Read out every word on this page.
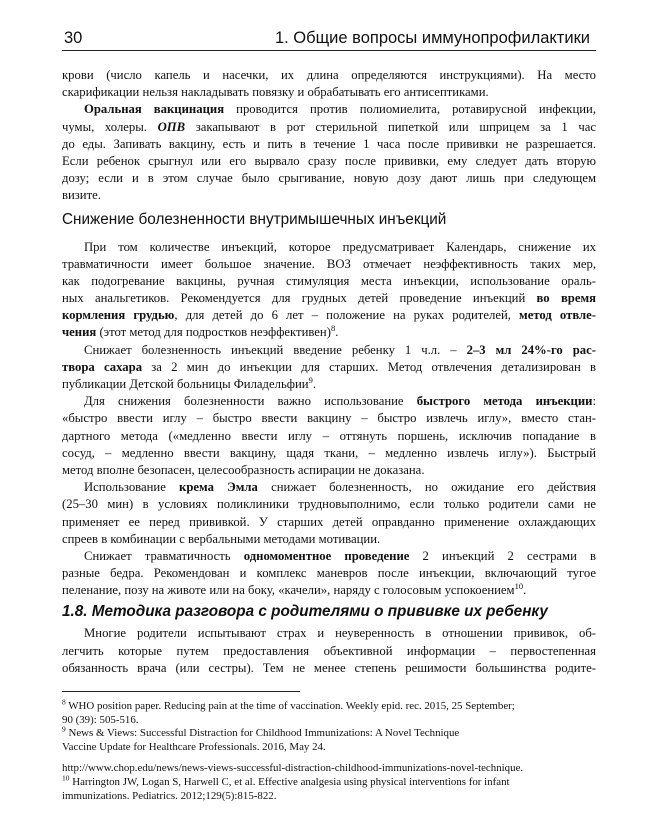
30	1. Общие вопросы иммунопрофилактики
крови (число капель и насечки, их длина определяются инструкциями). На место
скарификации нельзя накладывать повязку и обрабатывать его антисептиками.
Оральная вакцинация проводится против полиомиелита, ротавирусной инфекции,
чумы, холеры. ОПВ закапывают в рот стерильной пипеткой или шприцем за 1 час
до еды. Запивать вакцину, есть и пить в течение 1 часа после прививки не разрешается.
Если ребенок срыгнул или его вырвало сразу после прививки, ему следует дать вторую
дозу; если и в этом случае было срыгивание, новую дозу дают лишь при следующем
визите.
Снижение болезненности внутримышечных инъекций
При том количестве инъекций, которое предусматривает Календарь, снижение их
травматичности имеет большое значение. ВОЗ отмечает неэффективность таких мер,
как подогревание вакцины, ручная стимуляция места инъекции, использование ораль-
ных анальгетиков. Рекомендуется для грудных детей проведение инъекций во время
кормления грудью, для детей до 6 лет – положение на руках родителей, метод отвле-
чения (этот метод для подростков неэффективен)$^8$.
Снижает болезненность инъекций введение ребенку 1 ч.л. – 2–3 мл 24%-го рас-
твора сахара за 2 мин до инъекции для старших. Метод отвлечения детализирован в
публикации Детской больницы Филадельфии$^9$.
Для снижения болезненности важно использование быстрого метода инъекции:
«быстро ввести иглу – быстро ввести вакцину – быстро извлечь иглу», вместо стан-
дартного метода («медленно ввести иглу – оттянуть поршень, исключив попадание в
сосуд, – медленно ввести вакцину, щадя ткани, – медленно извлечь иглу»). Быстрый
метод вполне безопасен, целесообразность аспирации не доказана.
Использование крема Эмла снижает болезненность, но ожидание его действия
(25–30 мин) в условиях поликлиники трудновыполнимо, если только родители сами не
применяет ее перед прививкой. У старших детей оправданно применение охлаждающих
спреев в комбинации с вербальными методами мотивации.
Снижает травматичность одномоментное проведение 2 инъекций 2 сестрами в
разные бедра. Рекомендован и комплекс маневров после инъекции, включающий тугое
пеленание, позу на животе или на боку, «качели», наряду с голосовым успокоением$^{10}$.
1.8. Методика разговора с родителями о прививке их ребенку
Многие родители испытывают страх и неуверенность в отношении прививок, об-
легчить которые путем предоставления объективной информации – первостепенная
обязанность врача (или сестры). Тем не менее степень решимости большинства родите-
$^8$ WHO position paper. Reducing pain at the time of vaccination. Weekly epid. rec. 2015, 25 September;
90 (39): 505-516.
$^9$ News & Views: Successful Distraction for Childhood Immunizations: A Novel Technique
Vaccine Update for Healthcare Professionals. 2016, May 24.
http://www.chop.edu/news/news-views-successful-distraction-childhood-immunizations-novel-technique.
$^{10}$ Harrington JW, Logan S, Harwell C, et al. Effective analgesia using physical interventions for infant
immunizations. Pediatrics. 2012;129(5):815-822.
